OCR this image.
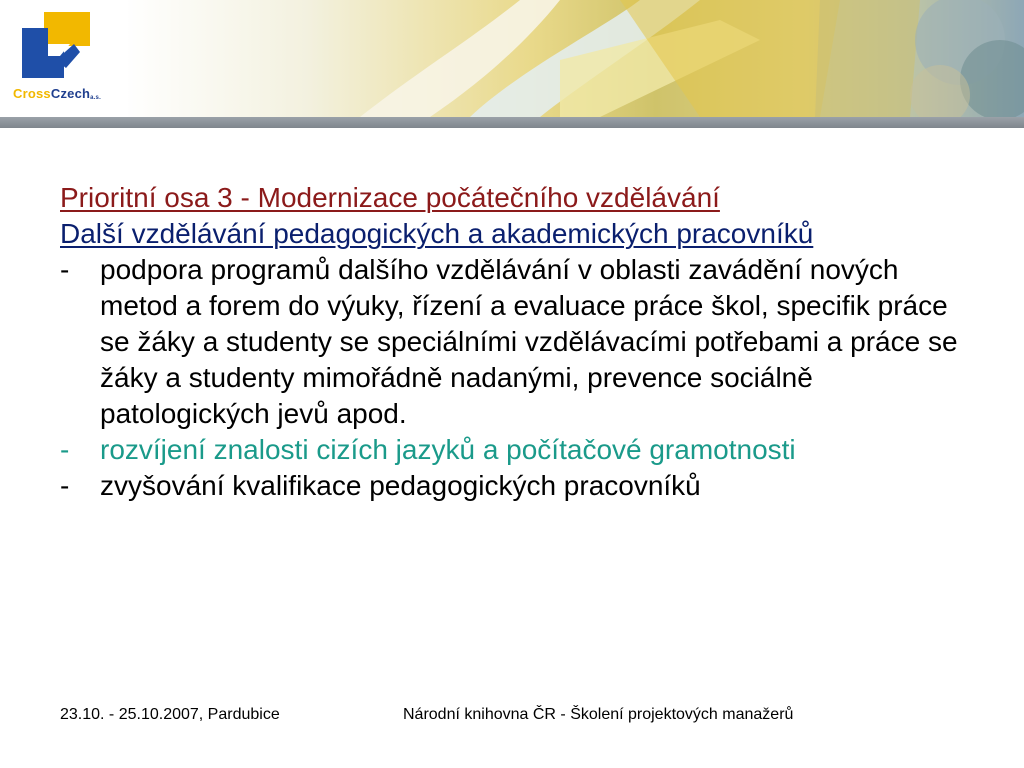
CrossCzecha.s.

Prioritní osa 3 - Modernizace počátečního vzdělávání

Další vzdělávání pedagogických a akademických pracovníků

-	podpora programů dalšího vzdělávání v oblasti zavádění nových metod a forem do výuky, řízení a evaluace práce škol, specifik práce se žáky a studenty se speciálními vzdělávacími potřebami a práce se žáky a studenty mimořádně nadanými, prevence sociálně patologických jevů apod.
-	rozvíjení znalosti cizích jazyků a počítačové gramotnosti
-	zvyšování kvalifikace pedagogických pracovníků
23.10. - 25.10.2007, Pardubice	Národní knihovna ČR - Školení projektových manažerů
